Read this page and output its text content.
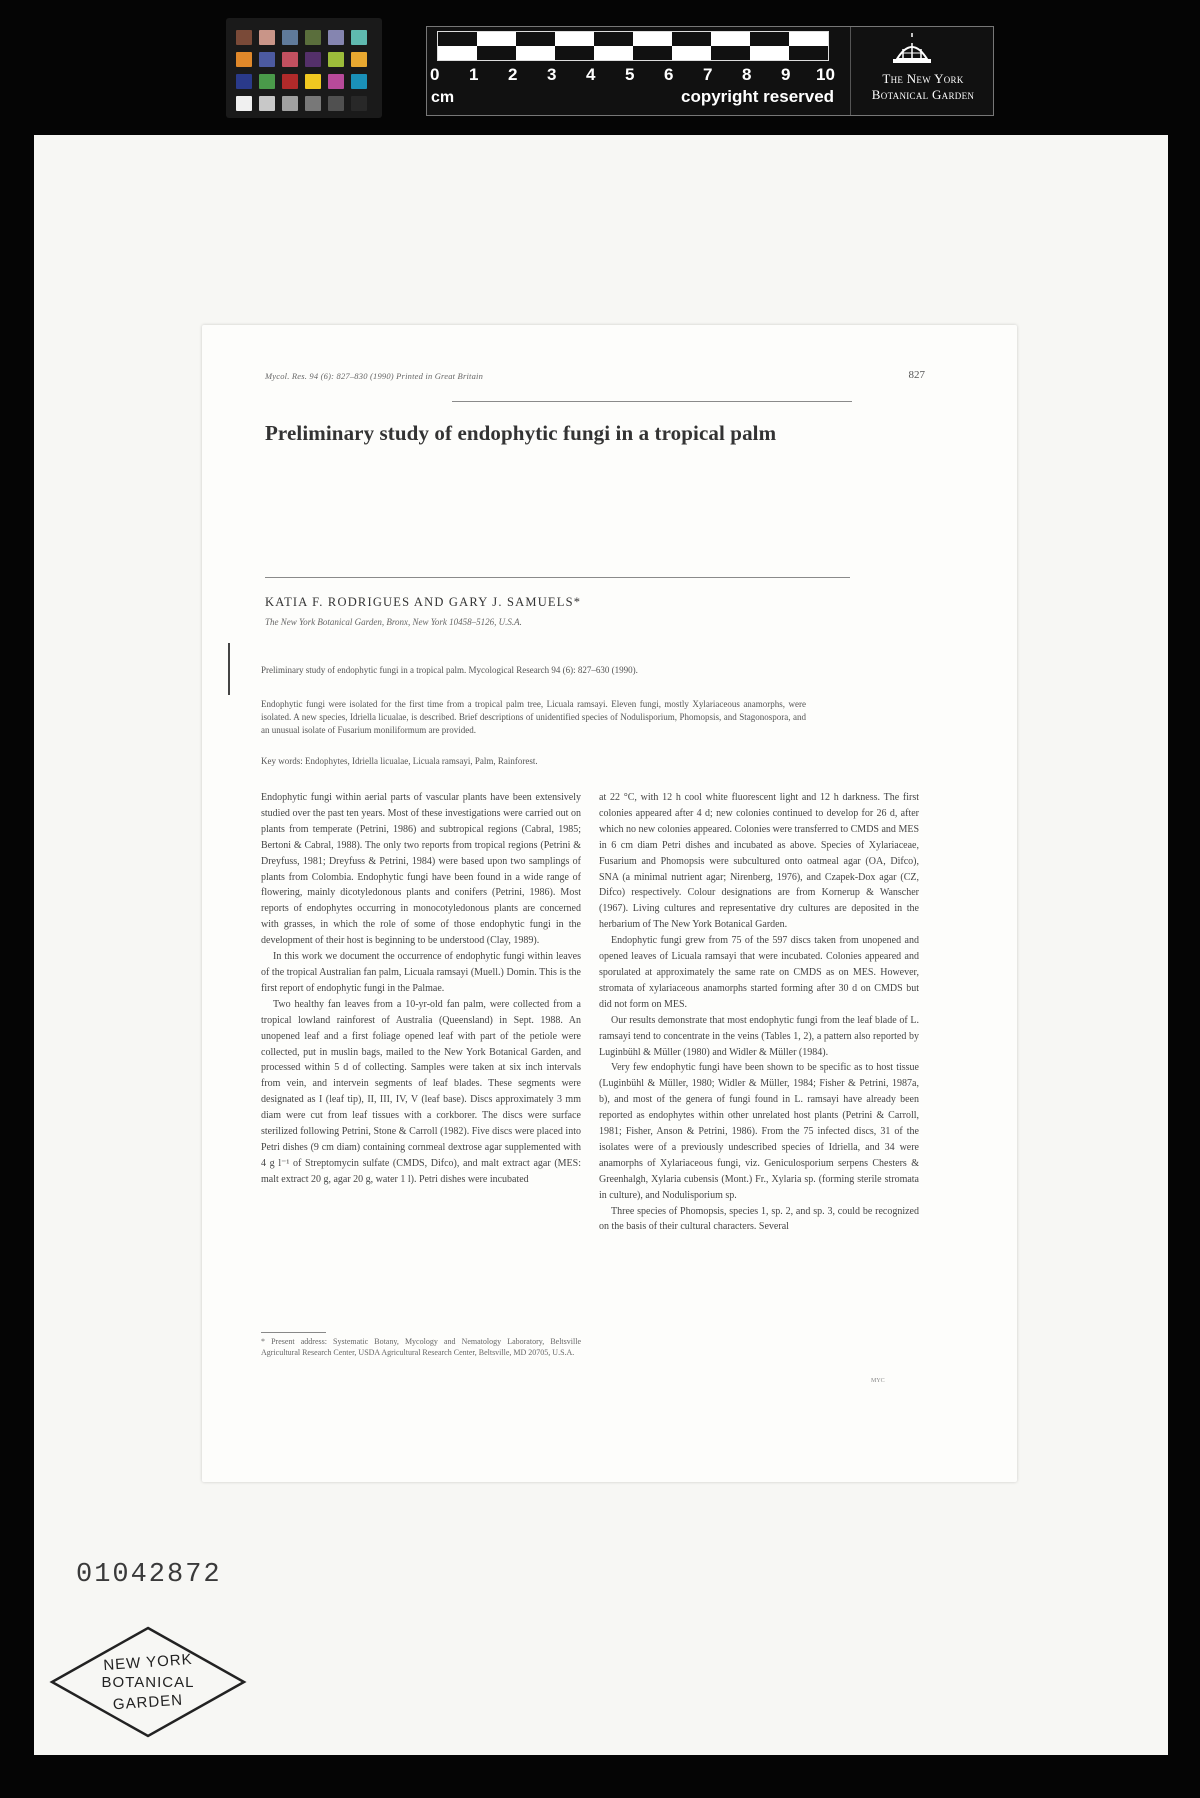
0 1 2 3 4 5 6 7 8 9 10
cm	copyright reserved
The New York
Botanical Garden
Mycol. Res. 94 (6): 827–830 (1990) Printed in Great Britain	827
Preliminary study of endophytic fungi in a tropical palm
KATIA F. RODRIGUES AND GARY J. SAMUELS*
The New York Botanical Garden, Bronx, New York 10458–5126, U.S.A.
Preliminary study of endophytic fungi in a tropical palm. Mycological Research 94 (6): 827–630 (1990).
Endophytic fungi were isolated for the first time from a tropical palm tree, Licuala ramsayi. Eleven fungi, mostly Xylariaceous anamorphs, were isolated. A new species, Idriella licualae, is described. Brief descriptions of unidentified species of Nodulisporium, Phomopsis, and Stagonospora, and an unusual isolate of Fusarium moniliformum are provided.
Key words: Endophytes, Idriella licualae, Licuala ramsayi, Palm, Rainforest.

Endophytic fungi within aerial parts of vascular plants have been extensively studied over the past ten years. Most of these investigations were carried out on plants from temperate (Petrini, 1986) and subtropical regions (Cabral, 1985; Bertoni & Cabral, 1988). The only two reports from tropical regions (Petrini & Dreyfuss, 1981; Dreyfuss & Petrini, 1984) were based upon two samplings of plants from Colombia. Endophytic fungi have been found in a wide range of flowering, mainly dicotyledonous plants and conifers (Petrini, 1986). Most reports of endophytes occurring in monocotyledonous plants are concerned with grasses, in which the role of some of those endophytic fungi in the development of their host is beginning to be understood (Clay, 1989).

In this work we document the occurrence of endophytic fungi within leaves of the tropical Australian fan palm, Licuala ramsayi (Muell.) Domin. This is the first report of endophytic fungi in the Palmae.

Two healthy fan leaves from a 10-yr-old fan palm, were collected from a tropical lowland rainforest of Australia (Queensland) in Sept. 1988. An unopened leaf and a first foliage opened leaf with part of the petiole were collected, put in muslin bags, mailed to the New York Botanical Garden, and processed within 5 d of collecting. Samples were taken at six inch intervals from vein, and intervein segments of leaf blades. These segments were designated as I (leaf tip), II, III, IV, V (leaf base). Discs approximately 3 mm diam were cut from leaf tissues with a corkborer. The discs were surface sterilized following Petrini, Stone & Carroll (1982). Five discs were placed into Petri dishes (9 cm diam) containing cornmeal dextrose agar supplemented with 4 g l⁻¹ of Streptomycin sulfate (CMDS, Difco), and malt extract agar (MES: malt extract 20 g, agar 20 g, water 1 l). Petri dishes were incubated

at 22 °C, with 12 h cool white fluorescent light and 12 h darkness. The first colonies appeared after 4 d; new colonies continued to develop for 26 d, after which no new colonies appeared. Colonies were transferred to CMDS and MES in 6 cm diam Petri dishes and incubated as above. Species of Xylariaceae, Fusarium and Phomopsis were subcultured onto oatmeal agar (OA, Difco), SNA (a minimal nutrient agar; Nirenberg, 1976), and Czapek-Dox agar (CZ, Difco) respectively. Colour designations are from Kornerup & Wanscher (1967). Living cultures and representative dry cultures are deposited in the herbarium of The New York Botanical Garden.

Endophytic fungi grew from 75 of the 597 discs taken from unopened and opened leaves of Licuala ramsayi that were incubated. Colonies appeared and sporulated at approximately the same rate on CMDS as on MES. However, stromata of xylariaceous anamorphs started forming after 30 d on CMDS but did not form on MES.

Our results demonstrate that most endophytic fungi from the leaf blade of L. ramsayi tend to concentrate in the veins (Tables 1, 2), a pattern also reported by Luginbühl & Müller (1980) and Widler & Müller (1984).

Very few endophytic fungi have been shown to be specific as to host tissue (Luginbühl & Müller, 1980; Widler & Müller, 1984; Fisher & Petrini, 1987a, b), and most of the genera of fungi found in L. ramsayi have already been reported as endophytes within other unrelated host plants (Petrini & Carroll, 1981; Fisher, Anson & Petrini, 1986). From the 75 infected discs, 31 of the isolates were of a previously undescribed species of Idriella, and 34 were anamorphs of Xylariaceous fungi, viz. Geniculosporium serpens Chesters & Greenhalgh, Xylaria cubensis (Mont.) Fr., Xylaria sp. (forming sterile stromata in culture), and Nodulisporium sp.

Three species of Phomopsis, species 1, sp. 2, and sp. 3, could be recognized on the basis of their cultural characters. Several

* Present address: Systematic Botany, Mycology and Nematology Laboratory, Beltsville Agricultural Research Center, USDA Agricultural Research Center, Beltsville, MD 20705, U.S.A.
MYC
01042872
NEW YORK
BOTANICAL
GARDEN
